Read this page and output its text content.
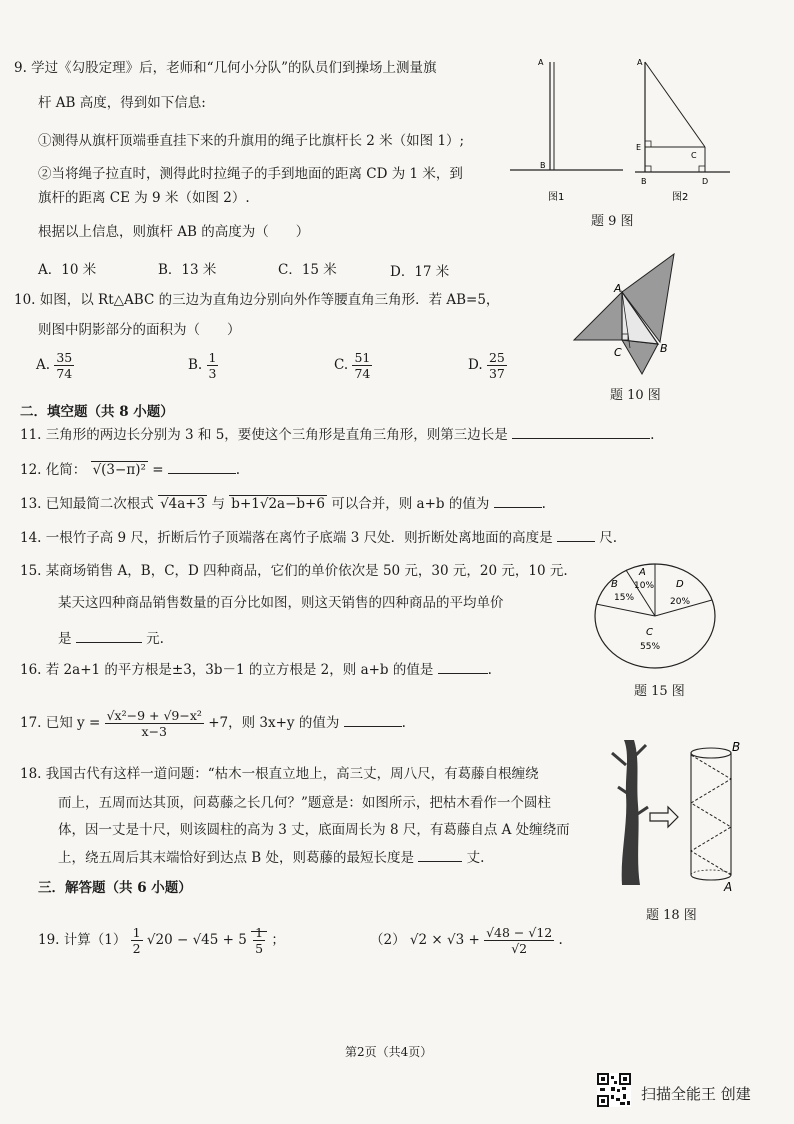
9. 学过《勾股定理》后，老师和“几何小分队”的队员们到操场上测量旗
杆 AB 高度，得到如下信息:
①测得从旗杆顶端垂直挂下来的升旗用的绳子比旗杆长 2 米（如图 1）;
②当将绳子拉直时，测得此时拉绳子的手到地面的距离 CD 为 1 米，到
旗杆的距离 CE 为 9 米（如图 2）.
根据以上信息，则旗杆 AB 的高度为（　　）
A．10 米	B．13 米	C．15 米	D．17 米
A
B
A
E
C
B	D
图1	图2
题 9 图
10. 如图，以 Rt△ABC 的三边为直角边分别向外作等腰直角三角形．若 AB=5，
则图中阴影部分的面积为（　　）
A. $\frac{35}{74}$	B. $\frac{1}{3}$	C. $\frac{51}{74}$	D. $\frac{25}{37}$
A
C	B
题 10 图
二．填空题（共 8 小题）
11. 三角形的两边长分别为 3 和 5，要使这个三角形是直角三角形，则第三边长是	.
12. 化简： √(3−π)² =	.
13. 已知最简二次根式 √4a+3 与 b+1√2a−b+6 可以合并，则 a+b 的值为	.
14. 一根竹子高 9 尺，折断后竹子顶端落在离竹子底端 3 尺处．则折断处离地面的高度是	尺.
15. 某商场销售 A，B，C，D 四种商品，它们的单价依次是 50 元，30 元，20 元，10 元.
某天这四种商品销售数量的百分比如图，则这天销售的四种商品的平均单价
是	元.
A
10%
B
15%
D
20%
C
55%
题 15 图
16. 若 2a+1 的平方根是±3，3b－1 的立方根是 2，则 a+b 的值是	.
17. 已知 $y = \frac{\text{√x²−9 + √9−x²}}{x-3} +7$，则 3x+y 的值为	.
18. 我国古代有这样一道问题：“枯木一根直立地上，高三丈，周八尺，有葛藤自根缠绕
而上，五周而达其顶，问葛藤之长几何？”题意是：如图所示，把枯木看作一个圆柱
体，因一丈是十尺，则该圆柱的高为 3 丈，底面周长为 8 尺，有葛藤自点 A 处缠绕而
上，绕五周后其末端恰好到达点 B 处，则葛藤的最短长度是	丈.
B
A
题 18 图
三．解答题（共 6 小题）
19. 计算$(1) \frac{1}{2} √20 - √45 + 5 \frac{1}{5}$ ；	（2） $√2 \times √3 + \frac{√48 - √12}{√2}$ .
第2页（共4页）
扫描全能王 创建
